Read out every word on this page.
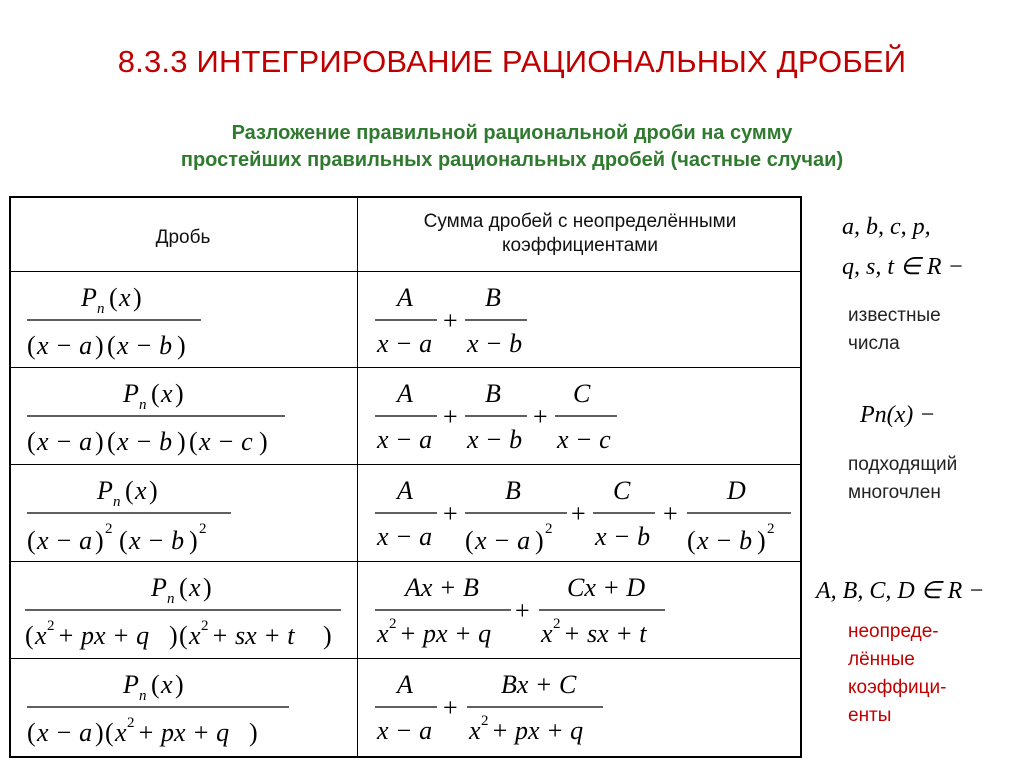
8.3.3 ИНТЕГРИРОВАНИЕ РАЦИОНАЛЬНЫХ ДРОБЕЙ
Разложение правильной рациональной дроби на сумму
простейших правильных рациональных дробей (частные случаи)
Дробь
Сумма дробей с неопределёнными
коэффициентами
P n ( x )
( x − a ) ( x − b )
A
x − a
+
B
x − b
P n ( x )
( x − a ) ( x − b ) ( x − c )
A
x − a
+
B
x − b
+
C
x − c
P n ( x )
( x − a ) 2 ( x − b ) 2
A
x − a
+
B
( x − a ) 2
+
C
x − b
+
D
( x − b ) 2
P n ( x )
( x 2 + px + q ) ( x 2 + sx + t )
Ax + B
x 2 + px + q
+
Cx + D
x 2 + sx + t
P n ( x )
( x − a ) ( x 2 + px + q )
A
x − a
+
Bx + C
x 2 + px + q
a, b, c, p,
q, s, t ∈ R −
известные
числа
Pn(x) −
подходящий
многочлен
A, B, C, D ∈ R −
неопреде-
лённые
коэффици-
енты
